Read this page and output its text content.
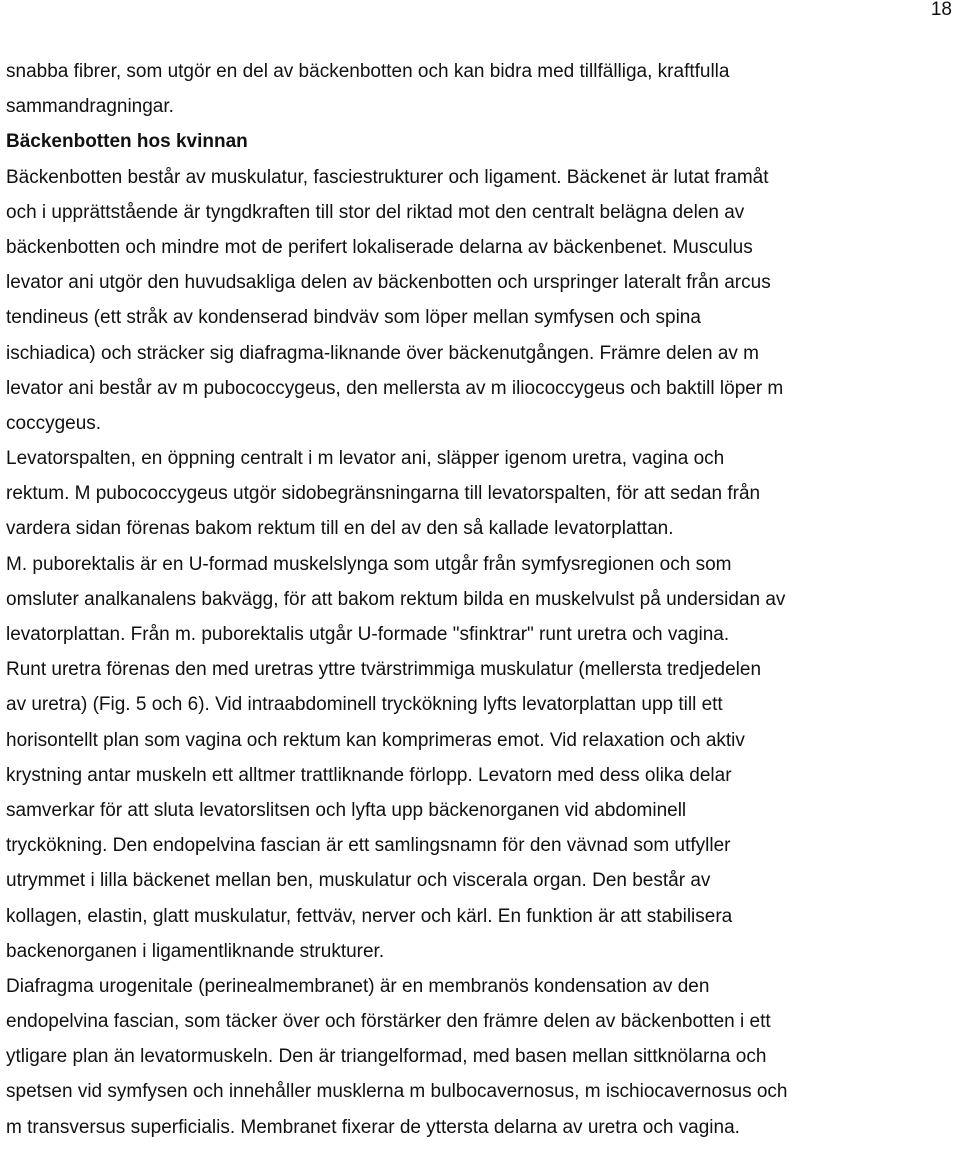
18
snabba fibrer, som utgör en del av bäckenbotten och kan bidra med tillfälliga, kraftfulla
sammandragningar.
Bäckenbotten hos kvinnan
Bäckenbotten består av muskulatur, fasciestrukturer och ligament. Bäckenet är lutat framåt
och i upprättstående är tyngdkraften till stor del riktad mot den centralt belägna delen av
bäckenbotten och mindre mot de perifert lokaliserade delarna av bäckenbenet. Musculus
levator ani utgör den huvudsakliga delen av bäckenbotten och urspringer lateralt från arcus
tendineus (ett stråk av kondenserad bindväv som löper mellan symfysen och spina
ischiadica) och sträcker sig diafragma-liknande över bäckenutgången. Främre delen av m
levator ani består av m pubococcygeus, den mellersta av m iliococcygeus och baktill löper m
coccygeus.
Levatorspalten, en öppning centralt i m levator ani, släpper igenom uretra, vagina och
rektum. M pubococcygeus utgör sidobegränsningarna till levatorspalten, för att sedan från
vardera sidan förenas bakom rektum till en del av den så kallade levatorplattan.
M. puborektalis är en U-formad muskelslynga som utgår från symfysregionen och som
omsluter analkanalens bakvägg, för att bakom rektum bilda en muskelvulst på undersidan av
levatorplattan. Från m. puborektalis utgår U-formade "sfinktrar" runt uretra och vagina.
Runt uretra förenas den med uretras yttre tvärstrimmiga muskulatur (mellersta tredjedelen
av uretra) (Fig. 5 och 6). Vid intraabdominell tryckökning lyfts levatorplattan upp till ett
horisontellt plan som vagina och rektum kan komprimeras emot. Vid relaxation och aktiv
krystning antar muskeln ett alltmer trattliknande förlopp. Levatorn med dess olika delar
samverkar för att sluta levatorslitsen och lyfta upp bäckenorganen vid abdominell
tryckökning. Den endopelvina fascian är ett samlingsnamn för den vävnad som utfyller
utrymmet i lilla bäckenet mellan ben, muskulatur och viscerala organ. Den består av
kollagen, elastin, glatt muskulatur, fettväv, nerver och kärl. En funktion är att stabilisera
backenorganen i ligamentliknande strukturer.
Diafragma urogenitale (perinealmembranet) är en membranös kondensation av den
endopelvina fascian, som täcker över och förstärker den främre delen av bäckenbotten i ett
ytligare plan än levatormuskeln. Den är triangelformad, med basen mellan sittknölarna och
spetsen vid symfysen och innehåller musklerna m bulbocavernosus, m ischiocavernosus och
m transversus superficialis. Membranet fixerar de yttersta delarna av uretra och vagina.
